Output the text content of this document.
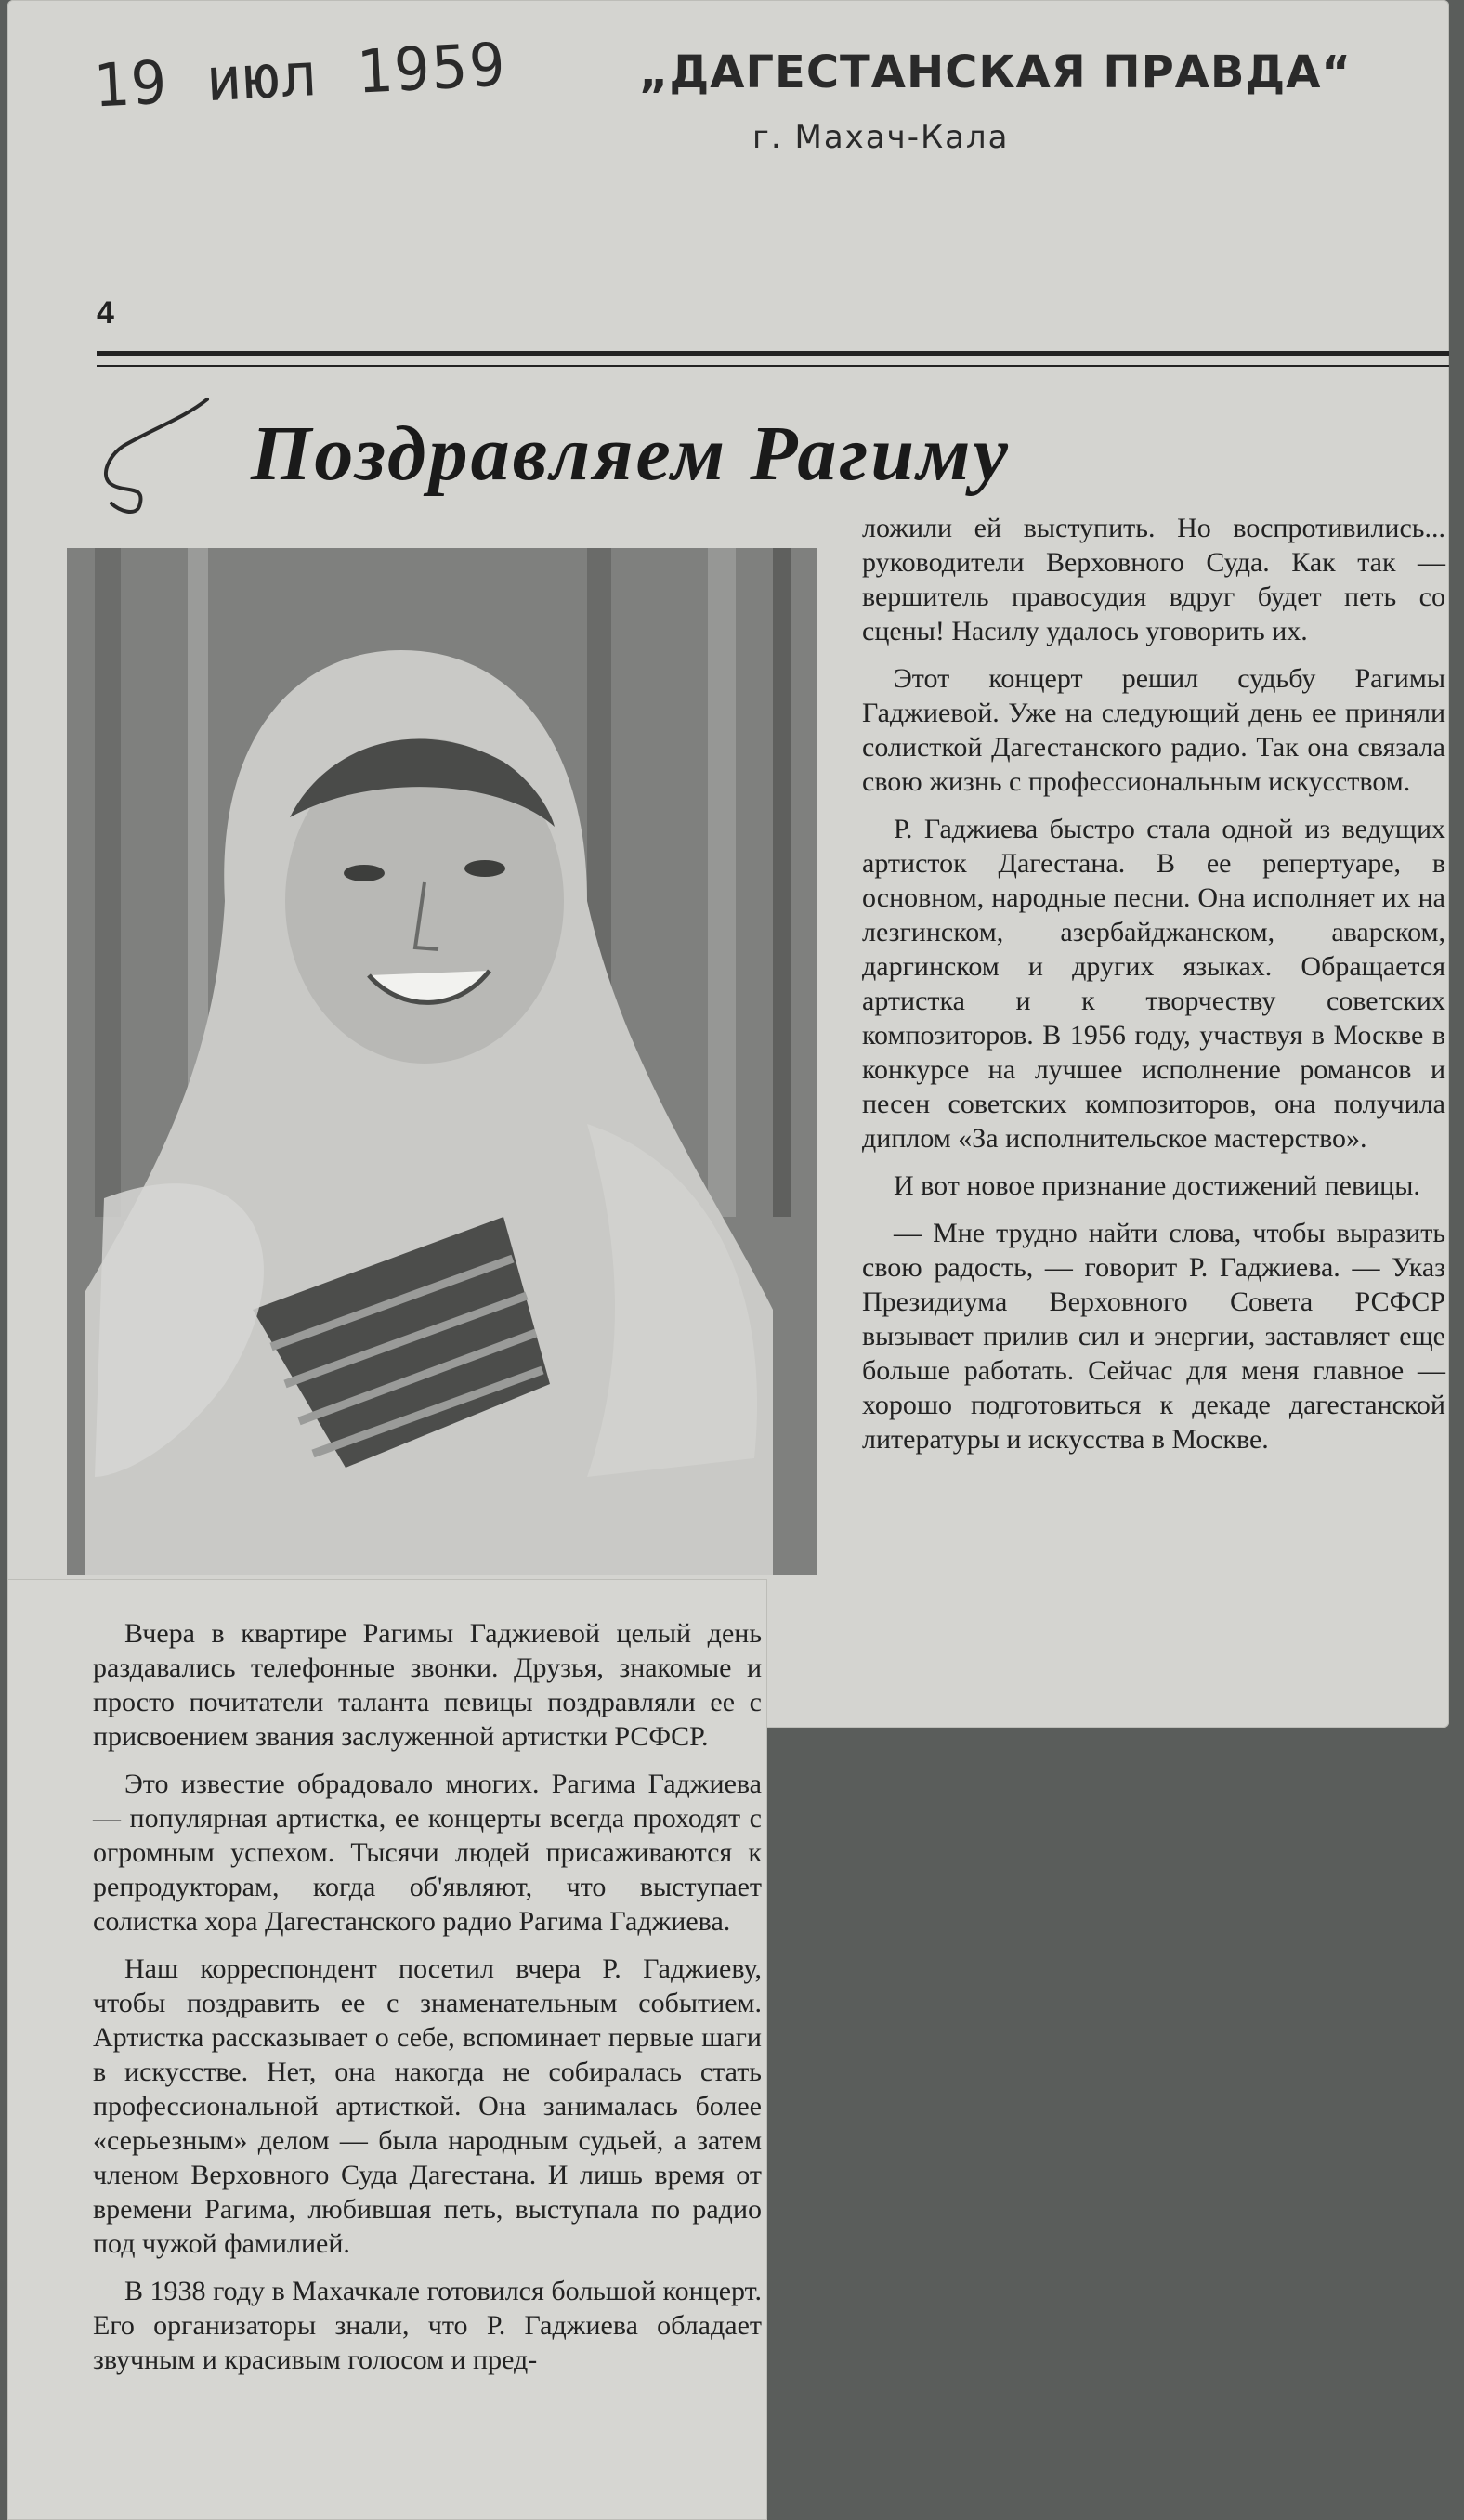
19 июл 1959	„ДАГЕСТАНСКАЯ ПРАВДА“
г. Махач-Кала
4
Поздравляем Рагиму

ложили ей выступить. Но воспротивились... руководители Верховного Суда. Как так — вершитель правосудия вдруг будет петь со сцены! Насилу удалось уговорить их.

Этот концерт решил судьбу Рагимы Гаджиевой. Уже на следующий день ее приняли солисткой Дагестанского радио. Так она связала свою жизнь с профессиональным искусством.

Р. Гаджиева быстро стала одной из ведущих артисток Дагестана. В ее репертуаре, в основном, народные песни. Она исполняет их на лезгинском, азербайджанском, аварском, даргинском и других языках. Обращается артистка и к творчеству советских композиторов. В 1956 году, участвуя в Москве в конкурсе на лучшее исполнение романсов и песен советских композиторов, она получила диплом «За исполнительское мастерство».

И вот новое признание достижений певицы.

— Мне трудно найти слова, чтобы выразить свою радость, — говорит Р. Гаджиева. — Указ Президиума Верховного Совета РСФСР вызывает прилив сил и энергии, заставляет еще больше работать. Сейчас для меня главное — хорошо подготовиться к декаде дагестанской литературы и искусства в Москве.

Вчера в квартире Рагимы Гаджиевой целый день раздавались телефонные звонки. Друзья, знакомые и просто почитатели таланта певицы поздравляли ее с присвоением звания заслуженной артистки РСФСР.

Это известие обрадовало многих. Рагима Гаджиева — популярная артистка, ее концерты всегда проходят с огромным успехом. Тысячи людей присаживаются к репродукторам, когда об'являют, что выступает солистка хора Дагестанского радио Рагима Гаджиева.

Наш корреспондент посетил вчера Р. Гаджиеву, чтобы поздравить ее с знаменательным событием. Артистка рассказывает о себе, вспоминает первые шаги в искусстве. Нет, она накогда не собиралась стать профессиональной артисткой. Она занималась более «серьезным» делом — была народным судьей, а затем членом Верховного Суда Дагестана. И лишь время от времени Рагима, любившая петь, выступала по радио под чужой фамилией.

В 1938 году в Махачкале готовился большой концерт. Его организаторы знали, что Р. Гаджиева обладает звучным и красивым голосом и пред-
